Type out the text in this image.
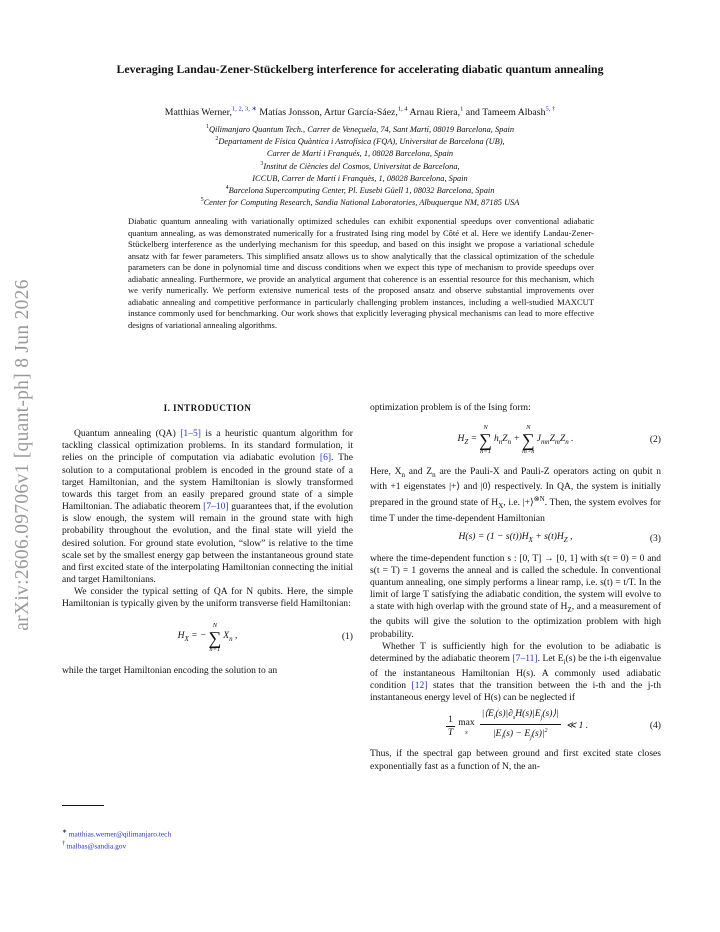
arXiv:2606.09706v1 [quant-ph] 8 Jun 2026
Leveraging Landau-Zener-Stückelberg interference for accelerating diabatic quantum annealing
Matthias Werner,$^{1, 2, 3, ∗}$ Matías Jonsson, Artur García-Sáez,$^{1, 4}$ Arnau Riera,$^1$ and Tameem Albash$^{5, \dagger}$
$^1$Qilimanjaro Quantum Tech., Carrer de Veneçuela, 74, Sant Martí, 08019 Barcelona, Spain
$^2$Departament de Física Quàntica i Astrofísica (FQA), Universitat de Barcelona (UB),
Carrer de Martí i Franqués, 1, 08028 Barcelona, Spain
$^3$Institut de Ciències del Cosmos, Universitat de Barcelona,
ICCUB, Carrer de Martí i Franquès, 1, 08028 Barcelona, Spain
$^4$Barcelona Supercomputing Center, Pl. Eusebi Güell 1, 08032 Barcelona, Spain
$^5$Center for Computing Research, Sandia National Laboratories, Albuquerque NM, 87185 USA
Diabatic quantum annealing with variationally optimized schedules can exhibit exponential speedups over conventional adiabatic quantum annealing, as was demonstrated numerically for a frustrated Ising ring model by Côté et al. Here we identify Landau-Zener-Stückelberg interference as the underlying mechanism for this speedup, and based on this insight we propose a variational schedule ansatz with far fewer parameters. This simplified ansatz allows us to show analytically that the classical optimization of the schedule parameters can be done in polynomial time and discuss conditions when we expect this type of mechanism to provide speedups over adiabatic annealing. Furthermore, we provide an analytical argument that coherence is an essential resource for this mechanism, which we verify numerically. We perform extensive numerical tests of the proposed ansatz and observe substantial improvements over adiabatic annealing and competitive performance in particularly challenging problem instances, including a well-studied MAXCUT instance commonly used for benchmarking. Our work shows that explicitly leveraging physical mechanisms can lead to more effective designs of variational annealing algorithms.
I. INTRODUCTION
Quantum annealing (QA) [1–5] is a heuristic quantum algorithm for tackling classical optimization problems. In its standard formulation, it relies on the principle of computation via adiabatic evolution [6]. The solution to a computational problem is encoded in the ground state of a target Hamiltonian, and the system Hamiltonian is slowly transformed towards this target from an easily prepared ground state of a simple Hamiltonian. The adiabatic theorem [7–10] guarantees that, if the evolution is slow enough, the system will remain in the ground state with high probability throughout the evolution, and the final state will yield the desired solution. For ground state evolution, “slow” is relative to the time scale set by the smallest energy gap between the instantaneous ground state and first excited state of the interpolating Hamiltonian connecting the initial and target Hamiltonians.
We consider the typical setting of QA for N qubits. Here, the simple Hamiltonian is typically given by the uniform transverse field Hamiltonian:
$H_X$ = −
N
∑
n=1
$X_n$ ,	(1)
while the target Hamiltonian encoding the solution to an
optimization problem is of the Ising form:
$H_Z$ =
N
∑
n=1
$h_nZ_n$ +
N
∑
m>n
$J_{mn}Z_mZ_n$ .	(2)
Here, $X_n$ and $Z_n$ are the Pauli-X and Pauli-Z operators acting on qubit n with +1 eigenstates |+⟩ and |0⟩ respectively. In QA, the system is initially prepared in the ground state of $H_X$, i.e. |+⟩$^{\otimes N}$. Then, the system evolves for time T under the time-dependent Hamiltonian
$H(s) = (1 - s(t))H_X + s(t)H_Z$ ,	(3)
where the time-dependent function s : [0, T] → [0, 1] with s(t = 0) = 0 and s(t = T) = 1 governs the anneal and is called the schedule. In conventional quantum annealing, one simply performs a linear ramp, i.e. s(t) = t/T. In the limit of large T satisfying the adiabatic condition, the system will evolve to a state with high overlap with the ground state of $H_Z$, and a measurement of the qubits will give the solution to the optimization problem with high probability.
Whether T is sufficiently high for the evolution to be adiabatic is determined by the adiabatic theorem [7–11]. Let $E_i(s)$ be the i-th eigenvalue of the instantaneous Hamiltonian H(s). A commonly used adiabatic condition [12] states that the transition between the i-th and the j-th instantaneous energy level of H(s) can be neglected if
$\frac{1}{T}$ max
s $\frac{|⟨E_i(s)|\partial_sH(s)|E_j(s)⟩|}{|E_i(s) - E_j(s)|^2}$ ≪ 1 .	(4)
Thus, if the spectral gap between ground and first excited state closes exponentially fast as a function of N, the an-
∗ matthias.werner@qilimanjaro.tech
† tnalbas@sandia.gov
